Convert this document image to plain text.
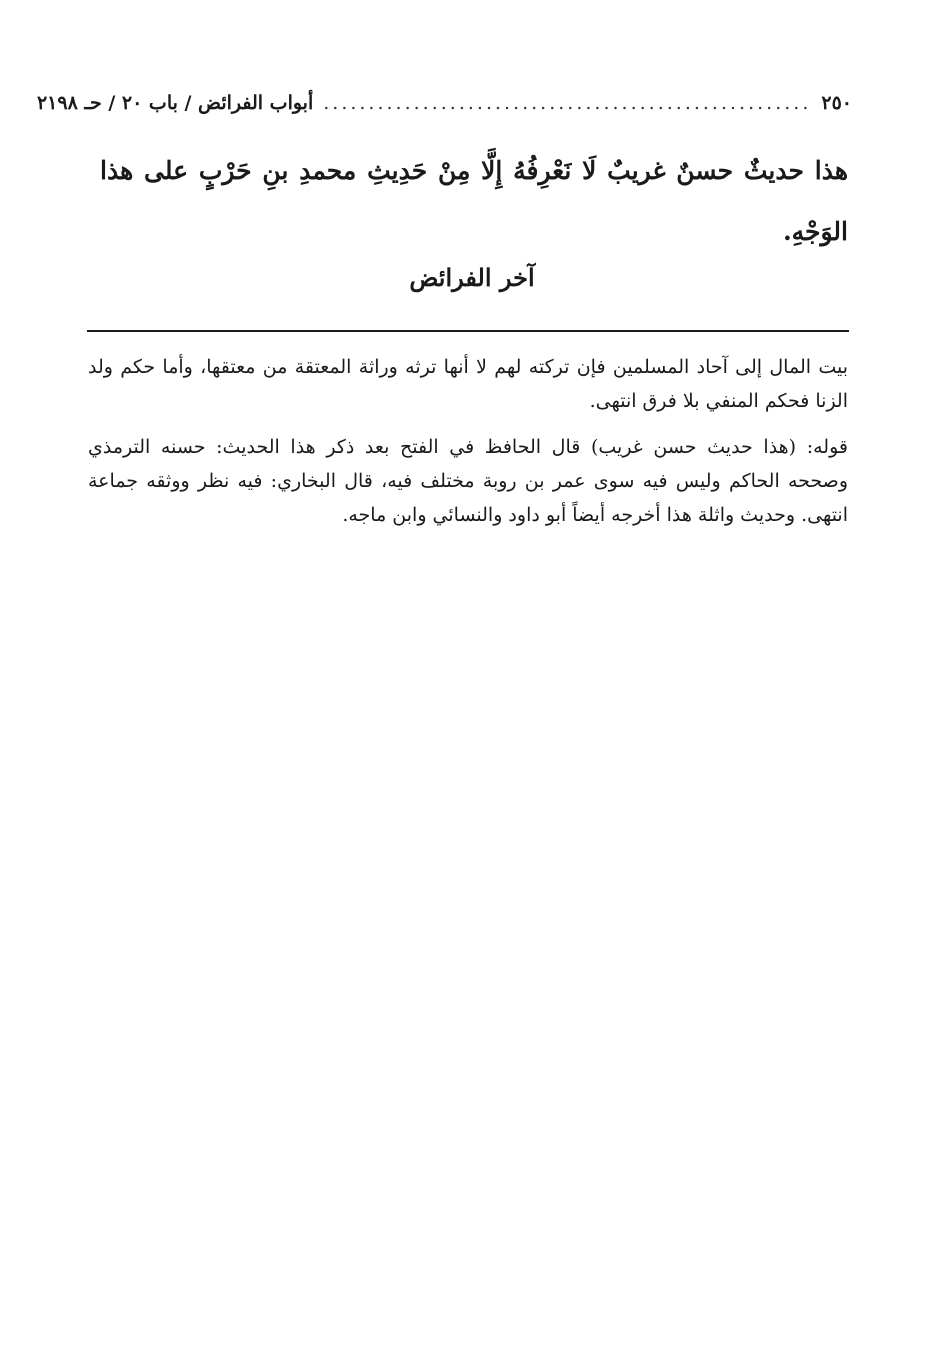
٢٥٠
......................................................
أبواب الفرائض / باب ٢٠ / حـ ٢١٩٨
هذا حديثٌ حسنٌ غريبٌ لَا نَعْرِفُهُ إِلَّا مِنْ حَدِيثِ محمدِ بنِ حَرْبٍ على هذا الوَجْهِ.
آخر الفرائض

بيت المال إلى آحاد المسلمين فإن تركته لهم لا أنها ترثه وراثة المعتقة من معتقها، وأما حكم ولد الزنا فحكم المنفي بلا فرق انتهى.

قوله: (هذا حديث حسن غريب) قال الحافظ في الفتح بعد ذكر هذا الحديث: حسنه الترمذي وصححه الحاكم وليس فيه سوى عمر بن روبة مختلف فيه، قال البخاري: فيه نظر ووثقه جماعة انتهى. وحديث واثلة هذا أخرجه أيضاً أبو داود والنسائي وابن ماجه.
